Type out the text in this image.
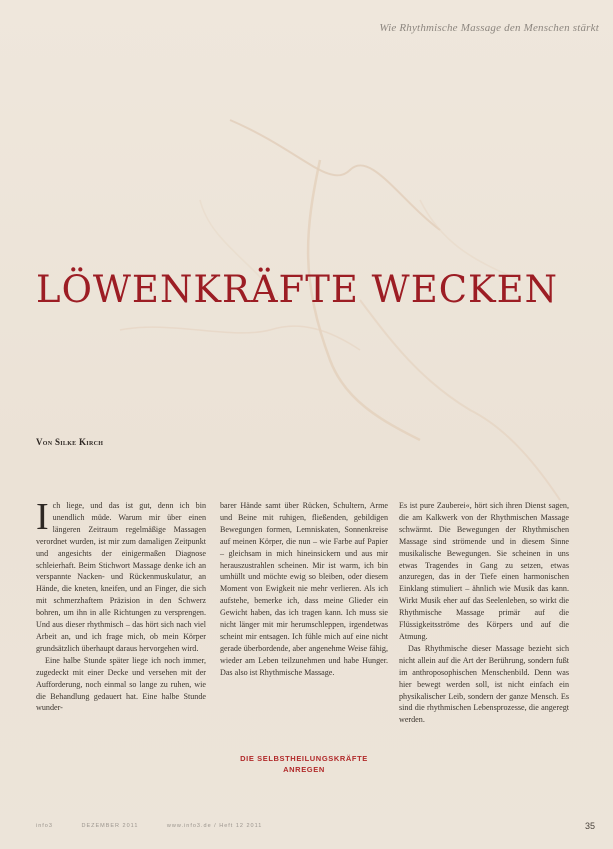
Wie Rhythmische Massage den Menschen stärkt
LÖWENKRÄFTE WECKEN
Von Silke Kirch

Ich liege, und das ist gut, denn ich bin unendlich müde. Warum mir über einen längeren Zeitraum regelmäßige Massagen verordnet wurden, ist mir zum damaligen Zeitpunkt und angesichts der einigermaßen Diagnose schleierhaft. Beim Stichwort Massage denke ich an verspannte Nacken- und Rückenmuskulatur, an Hände, die kneten, kneifen, und an Finger, die sich mit schmerzhaftem Präzision in den Schwerz bohren, um ihn in alle Richtungen zu versprengen. Und aus dieser rhythmisch – das hört sich nach viel Arbeit an, und ich frage mich, ob mein Körper grundsätzlich überhaupt daraus hervorgehen wird.

Eine halbe Stunde später liege ich noch immer, zugedeckt mit einer Decke und versehen mit der Aufforderung, noch einmal so lange zu ruhen, wie die Behandlung gedauert hat. Eine halbe Stunde wunder-

barer Hände samt über Rücken, Schultern, Arme und Beine mit ruhigen, fließenden, gebildigen Bewegungen formen, Lemniskaten, Sonnenkreise auf meinen Körper, die nun – wie Farbe auf Papier – gleichsam in mich hineinsickern und aus mir herauszustrahlen scheinen. Mir ist warm, ich bin umhüllt und möchte ewig so bleiben, oder diesem Moment von Ewigkeit nie mehr verlieren. Als ich aufstehe, bemerke ich, dass meine Glieder ein Gewicht haben, das ich tragen kann. Ich muss sie nicht länger mit mir herumschleppen, irgendetwas scheint mir entsagen. Ich fühle mich auf eine nicht gerade überbordende, aber angenehme Weise fähig, wieder am Leben teilzunehmen und habe Hunger. Das also ist Rhythmische Massage.

DIE SELBSTHEILUNGSKRÄFTE ANREGEN

Es ist pure Zauberei«, hört sich ihren Dienst sagen, die am Kalkwerk von der Rhythmischen Massage schwärmt. Die Bewegungen der Rhythmischen Massage sind strömende und in diesem Sinne musikalische Bewegungen. Sie scheinen in uns etwas Tragendes in Gang zu setzen, etwas anzuregen, das in der Tiefe einen harmonischen Einklang stimuliert – ähnlich wie Musik das kann. Wirkt Musik eher auf das Seelenleben, so wirkt die Rhythmische Massage primär auf die Flüssigkeitsströme des Körpers und auf die Atmung.

Das Rhythmische dieser Massage bezieht sich nicht allein auf die Art der Berührung, sondern fußt im anthroposophischen Menschenbild. Denn was hier bewegt werden soll, ist nicht einfach ein physikalischer Leib, sondern der ganze Mensch. Es sind die rhythmischen Lebensprozesse, die angeregt werden.

info3	DEZEMBER 2011	www.info3.de / Heft 12 2011	35
